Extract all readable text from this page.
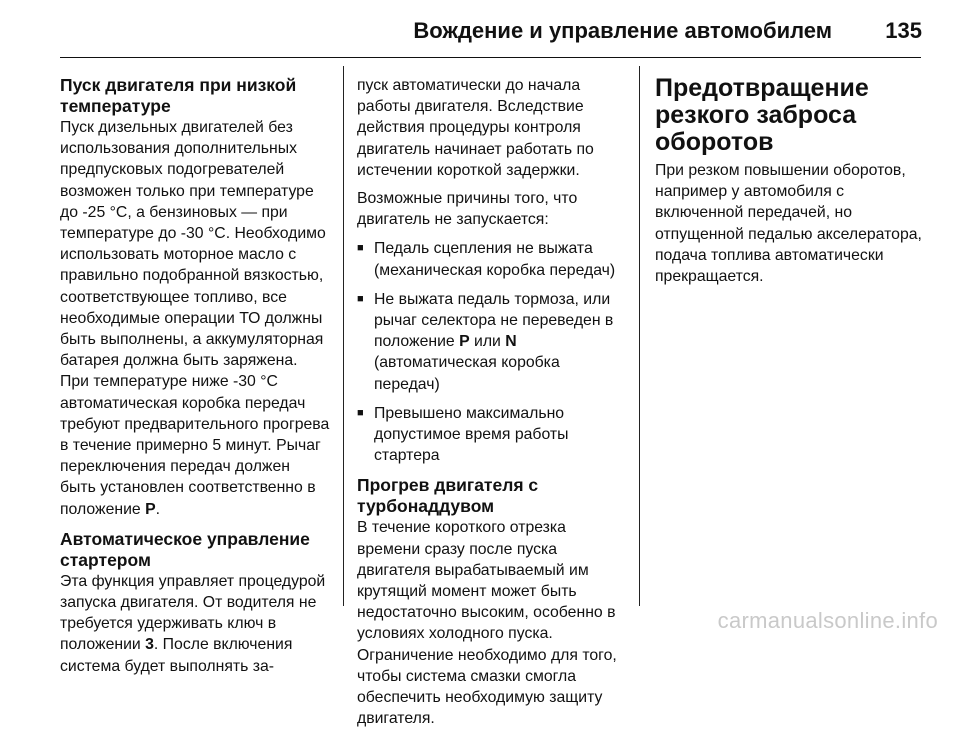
Вождение и управление автомобилем 135
Пуск двигателя при низкой температуре

Пуск дизельных двигателей без использования дополнительных предпусковых подогревателей возможен только при температуре до -25 °C, а бензиновых — при температуре до -30 °C. Необходимо использовать моторное масло с правильно подобранной вязкостью, соответствующее топливо, все необходимые операции ТО должны быть выполнены, а аккумуляторная батарея должна быть заряжена. При температуре ниже -30 °C автоматическая коробка передач требуют предварительного прогрева в течение примерно 5 минут. Рычаг переключения передач должен быть установлен соответственно в положение P.

Автоматическое управление стартером

Эта функция управляет процедурой запуска двигателя. От водителя не требуется удерживать ключ в положении 3. После включения система будет выполнять за-

пуск автоматически до начала работы двигателя. Вследствие действия процедуры контроля двигатель начинает работать по истечении короткой задержки.

Возможные причины того, что двигатель не запускается:

■ Педаль сцепления не выжата (механическая коробка передач)
■ Не выжата педаль тормоза, или рычаг селектора не переведен в положение P или N (автоматическая коробка передач)
■ Превышено максимально допустимое время работы стартера
Прогрев двигателя с турбонаддувом

В течение короткого отрезка времени сразу после пуска двигателя вырабатываемый им крутящий момент может быть недостаточно высоким, особенно в условиях холодного пуска. Ограничение необходимо для того, чтобы система смазки смогла обеспечить необходимую защиту двигателя.

Предотвращение резкого заброса оборотов

При резком повышении оборотов, например у автомобиля с включенной передачей, но отпущенной педалью акселератора, подача топлива автоматически прекращается.

carmanualsonline.info
